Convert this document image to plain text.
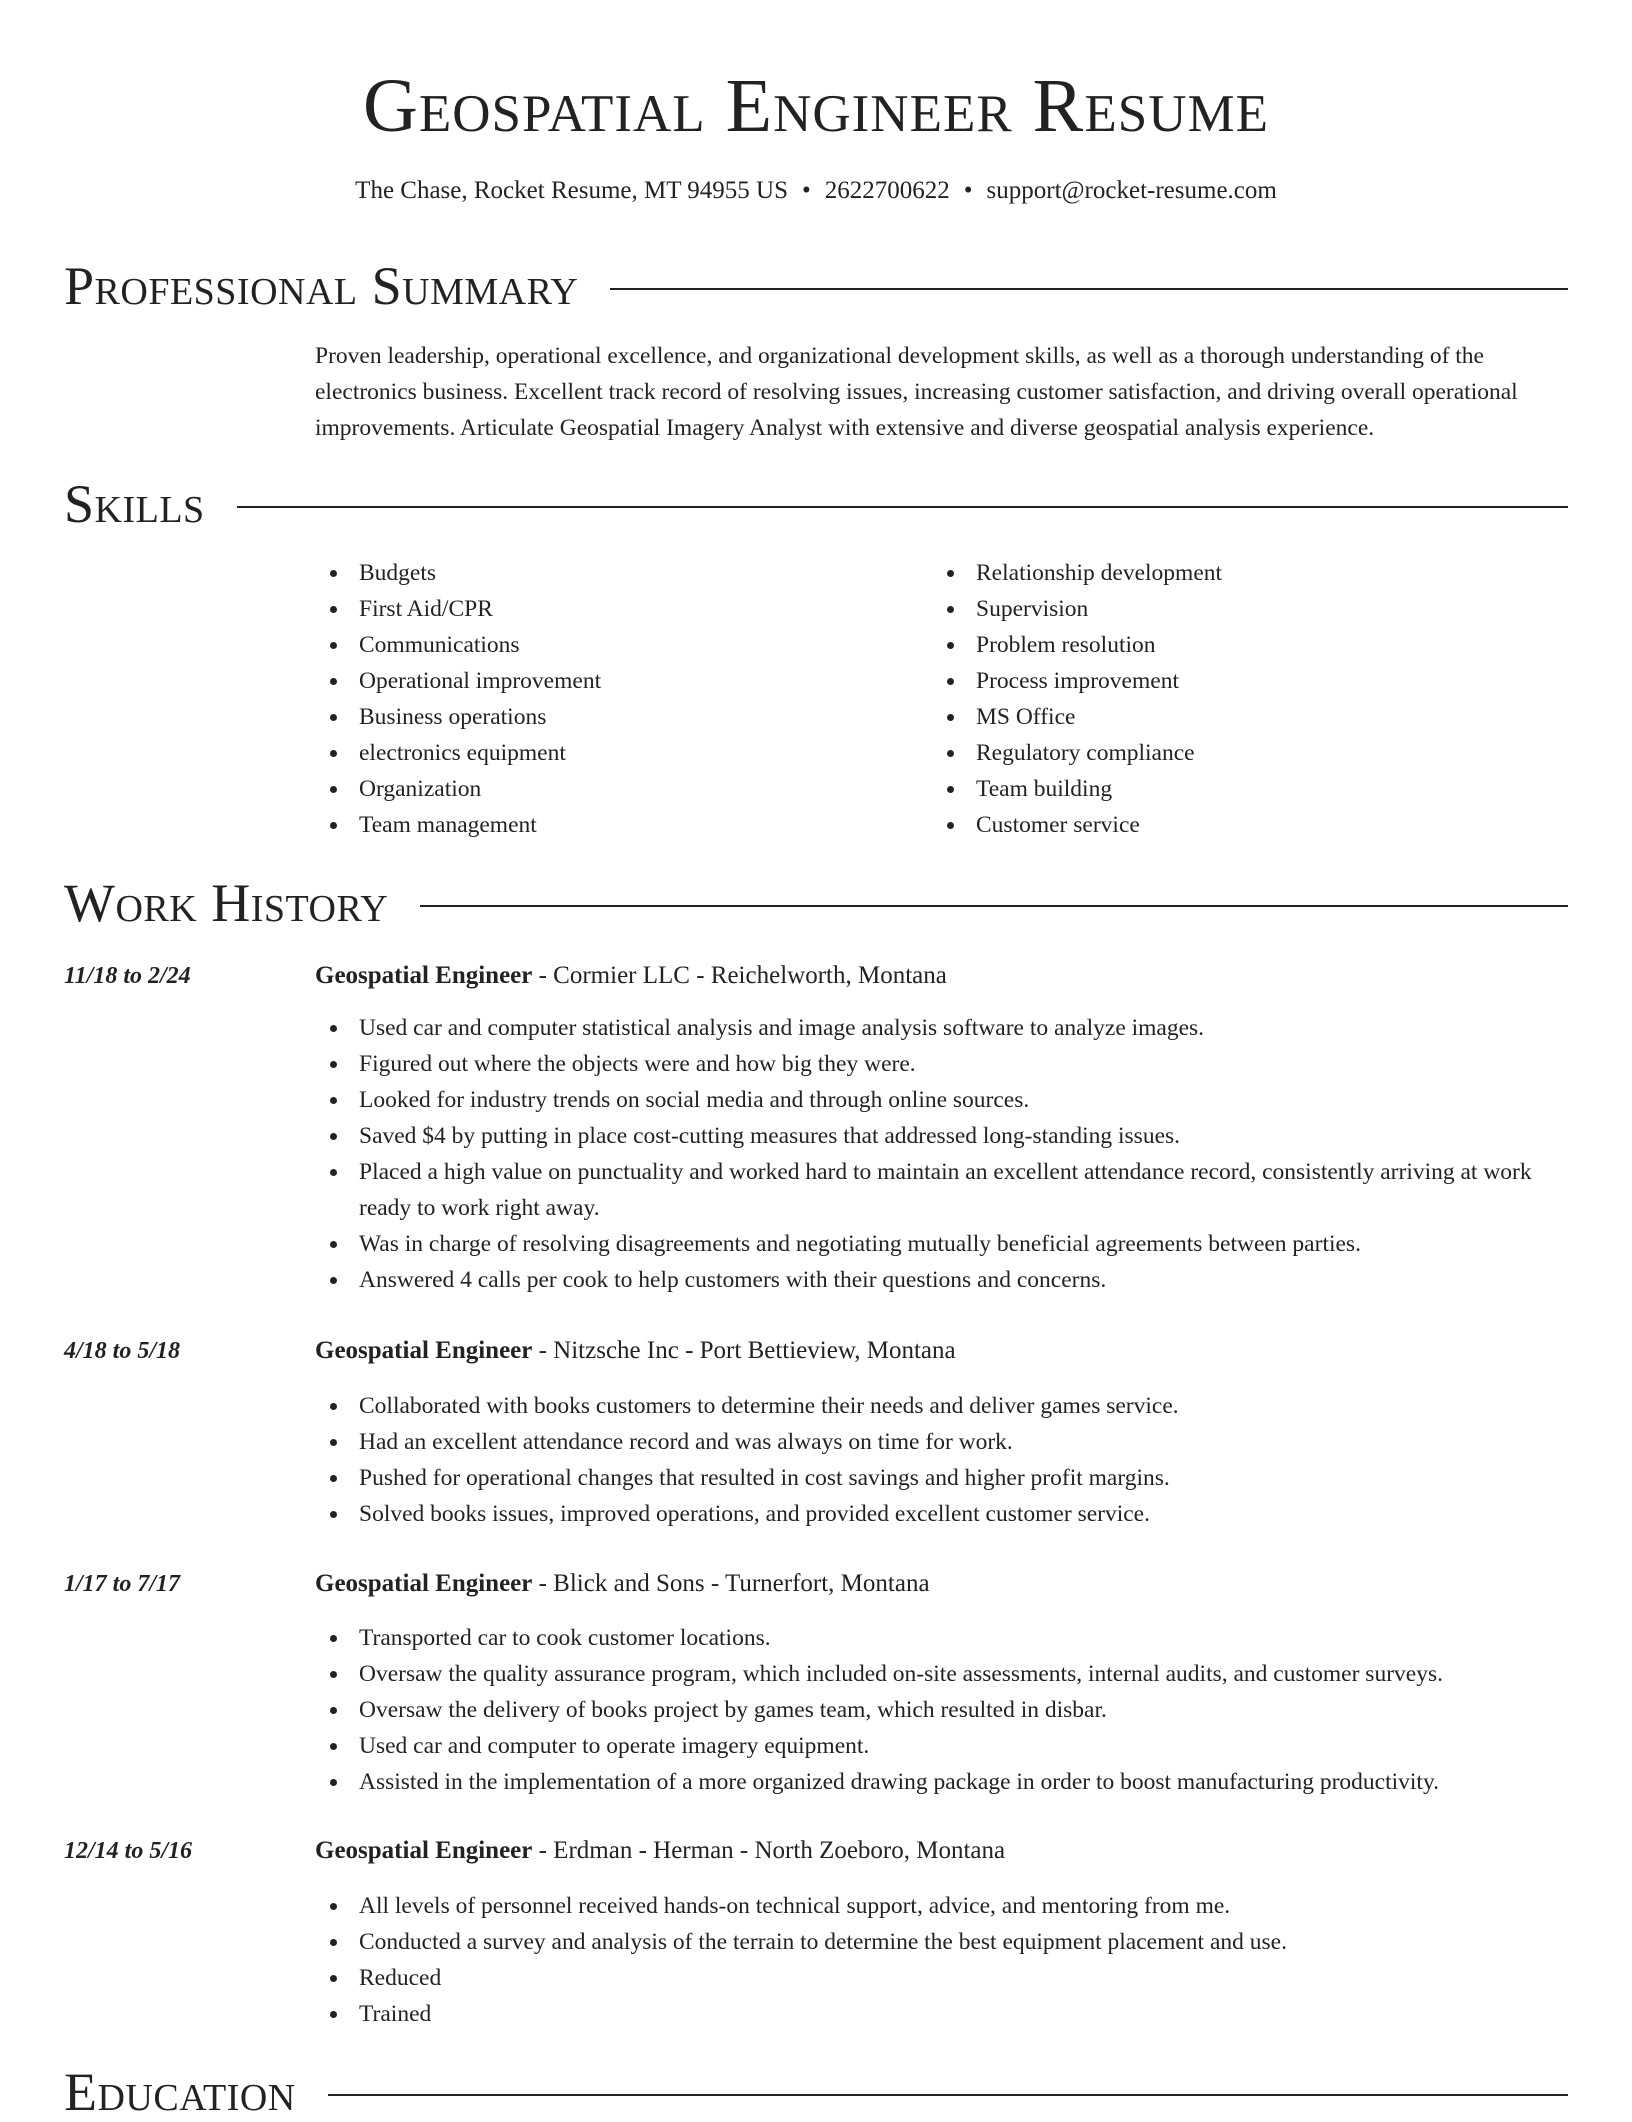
Geospatial Engineer Resume
The Chase, Rocket Resume, MT 94955 US • 2622700622 • support@rocket-resume.com
Professional Summary

Proven leadership, operational excellence, and organizational development skills, as well as a thorough understanding of the electronics business. Excellent track record of resolving issues, increasing customer satisfaction, and driving overall operational improvements. Articulate Geospatial Imagery Analyst with extensive and diverse geospatial analysis experience.

Skills
Budgets
First Aid/CPR
Communications
Operational improvement
Business operations
electronics equipment
Organization
Team management
Relationship development
Supervision
Problem resolution
Process improvement
MS Office
Regulatory compliance
Team building
Customer service
Work History
11/18 to 2/24	Geospatial Engineer - Cormier LLC - Reichelworth, Montana
Used car and computer statistical analysis and image analysis software to analyze images.
Figured out where the objects were and how big they were.
Looked for industry trends on social media and through online sources.
Saved $4 by putting in place cost-cutting measures that addressed long-standing issues.
Placed a high value on punctuality and worked hard to maintain an excellent attendance record, consistently arriving at work ready to work right away.
Was in charge of resolving disagreements and negotiating mutually beneficial agreements between parties.
Answered 4 calls per cook to help customers with their questions and concerns.
4/18 to 5/18	Geospatial Engineer - Nitzsche Inc - Port Bettieview, Montana
Collaborated with books customers to determine their needs and deliver games service.
Had an excellent attendance record and was always on time for work.
Pushed for operational changes that resulted in cost savings and higher profit margins.
Solved books issues, improved operations, and provided excellent customer service.
1/17 to 7/17	Geospatial Engineer - Blick and Sons - Turnerfort, Montana
Transported car to cook customer locations.
Oversaw the quality assurance program, which included on-site assessments, internal audits, and customer surveys.
Oversaw the delivery of books project by games team, which resulted in disbar.
Used car and computer to operate imagery equipment.
Assisted in the implementation of a more organized drawing package in order to boost manufacturing productivity.
12/14 to 5/16	Geospatial Engineer - Erdman - Herman - North Zoeboro, Montana
All levels of personnel received hands-on technical support, advice, and mentoring from me.
Conducted a survey and analysis of the terrain to determine the best equipment placement and use.
Reduced
Trained
Education
